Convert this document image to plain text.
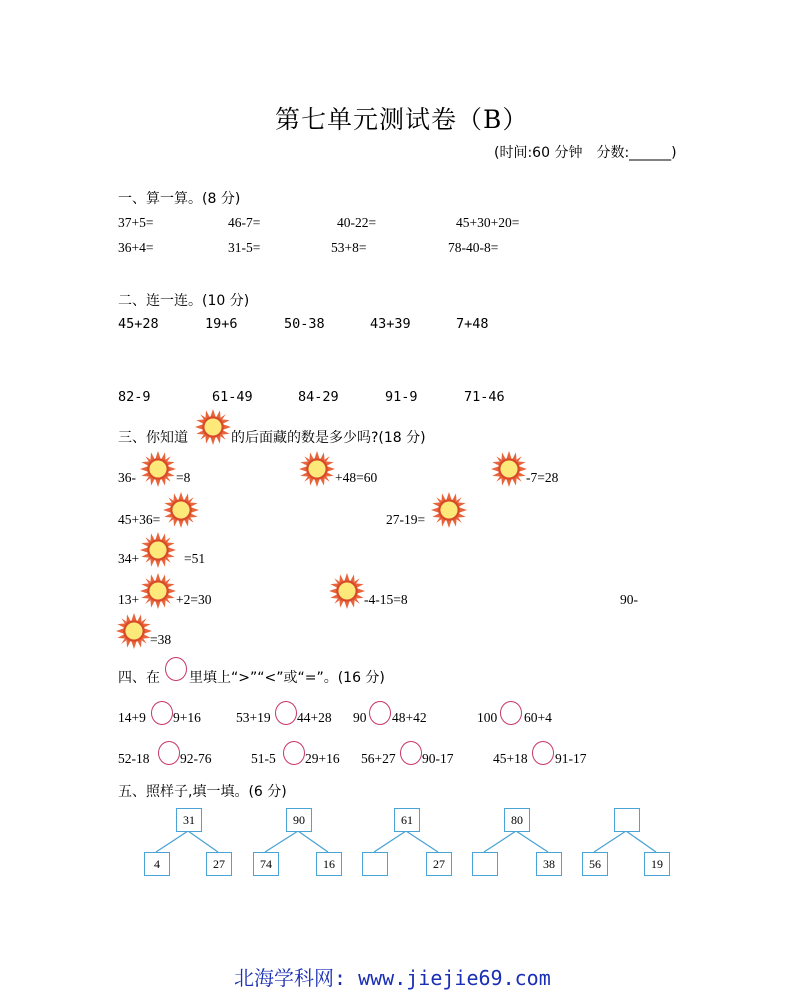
第七单元测试卷（B）
(时间:60 分钟　分数:______)
一、算一算。(8 分)
37+5=	46-7=	40-22=	45+30+20=
36+4=	31-5=	53+8=	78-40-8=
二、连一连。(10 分)
45+28	19+6	50-38	43+39	7+48
82-9	61-49	84-29	91-9	71-46
三、你知道	的后面藏的数是多少吗?(18 分)
36-	=8	+48=60	-7=28
45+36=	27-19=
34+	=51
13+	+2=30	-4-15=8	90-
=38
四、在 里填上“>”“<”或“=”。(16 分)
14+9 9+16	53+19 44+28 90 48+42	100 60+4
52-18 92-76	51-5 29+16 56+27 90-17	45+18 91-17
五、照样子,填一填。(6 分)
31
4	27
90
74	16
61
27
80
38	56	19
北海学科网: www.jiejie69.com
